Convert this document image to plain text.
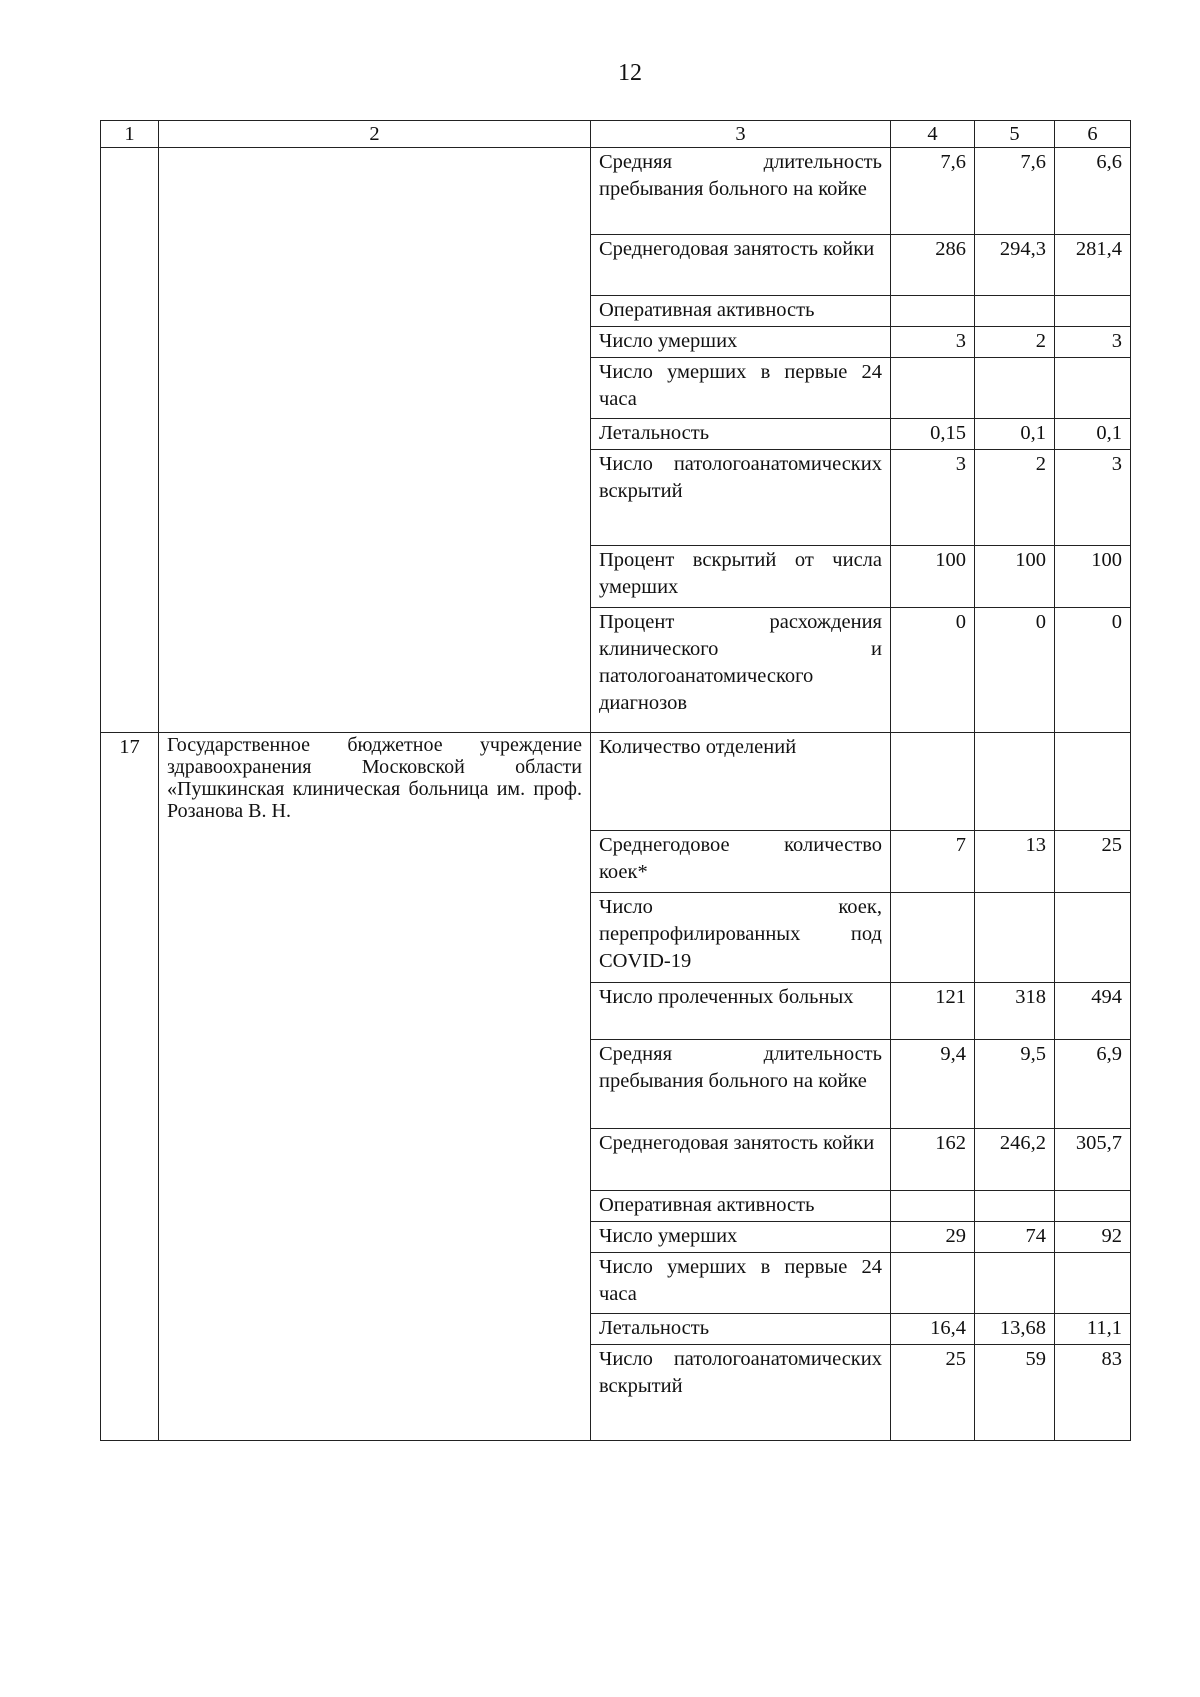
12
1	2	3	4	5	6
		Средняя длительность пребывания больного на койке	7,6	7,6	6,6
		Среднегодовая занятость койки	286	294,3	281,4
		Оперативная активность			
		Число умерших	3	2	3
		Число умерших в первые 24 часа			
		Летальность	0,15	0,1	0,1
		Число патологоанатомических вскрытий	3	2	3
		Процент вскрытий от числа умерших	100	100	100
		Процент расхождения клинического и патологоанатомического диагнозов	0	0	0
17	Государственное бюджетное учреждение здравоохранения Московской области «Пушкинская клиническая больница им. проф. Розанова В. Н.	Количество отделений			
		Среднегодовое количество коек*	7	13	25
		Число коек, перепрофилированных под COVID-19			
		Число пролеченных больных	121	318	494
		Средняя длительность пребывания больного на койке	9,4	9,5	6,9
		Среднегодовая занятость койки	162	246,2	305,7
		Оперативная активность			
		Число умерших	29	74	92
		Число умерших в первые 24 часа			
		Летальность	16,4	13,68	11,1
		Число патологоанатомических вскрытий	25	59	83
